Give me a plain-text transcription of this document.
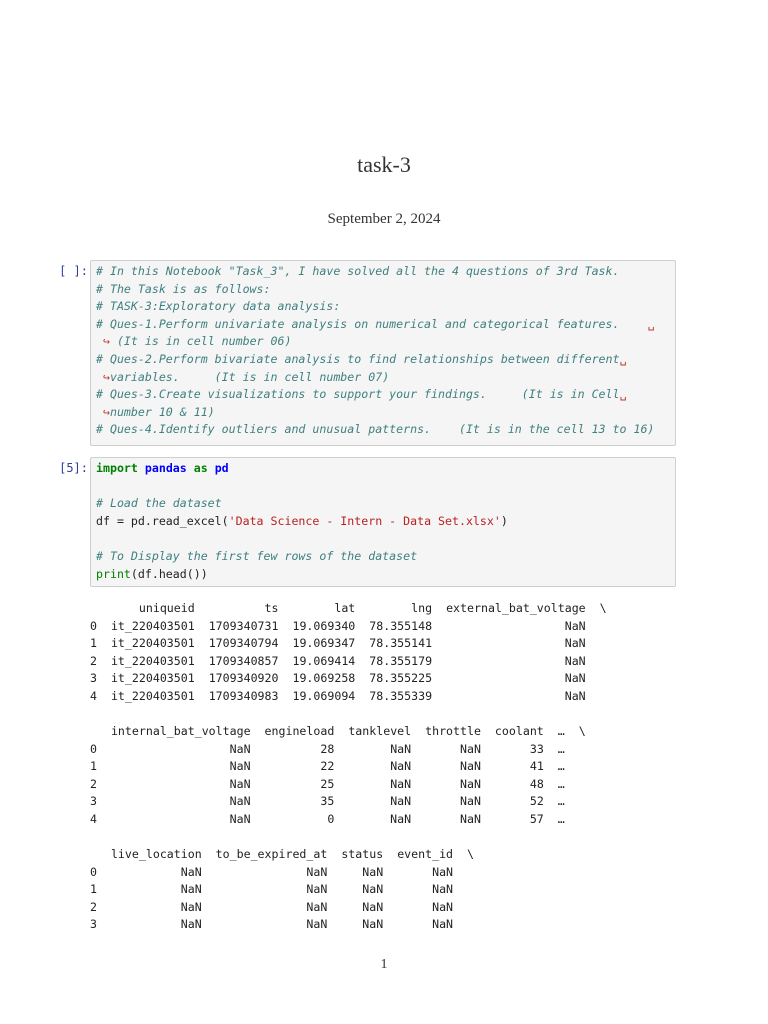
task-3
September 2, 2024
[ ]: # In this Notebook "Task_3", I have solved all the 4 questions of 3rd Task.
# The Task is as follows:
# TASK-3:Exploratory data analysis:
# Ques-1.Perform univariate analysis on numerical and categorical features.    ␣
↪ (It is in cell number 06)
# Ques-2.Perform bivariate analysis to find relationships between different␣
↪variables.     (It is in cell number 07)
# Ques-3.Create visualizations to support your findings.     (It is in Cell␣
↪number 10 & 11)
# Ques-4.Identify outliers and unusual patterns.    (It is in the cell 13 to 16)
[5]: import pandas as pd

# Load the dataset
df = pd.read_excel('Data Science - Intern - Data Set.xlsx')

# To Display the first few rows of the dataset
print(df.head())
uniqueid	ts	lat	lng external_bat_voltage \
0 it_220403501 1709340731 19.069340 78.355148	NaN
1 it_220403501 1709340794 19.069347 78.355141	NaN
2 it_220403501 1709340857 19.069414 78.355179	NaN
3 it_220403501 1709340920 19.069258 78.355225	NaN
4 it_220403501 1709340983 19.069094 78.355339	NaN
internal_bat_voltage engineload tanklevel throttle coolant … \
0	NaN	28	NaN	NaN	33 …
1	NaN	22	NaN	NaN	41 …
2	NaN	25	NaN	NaN	48 …
3	NaN	35	NaN	NaN	52 …
4	NaN	0	NaN	NaN	57 …
live_location to_be_expired_at status event_id \
0	NaN	NaN	NaN	NaN
1	NaN	NaN	NaN	NaN
2	NaN	NaN	NaN	NaN
3	NaN	NaN	NaN	NaN
1
